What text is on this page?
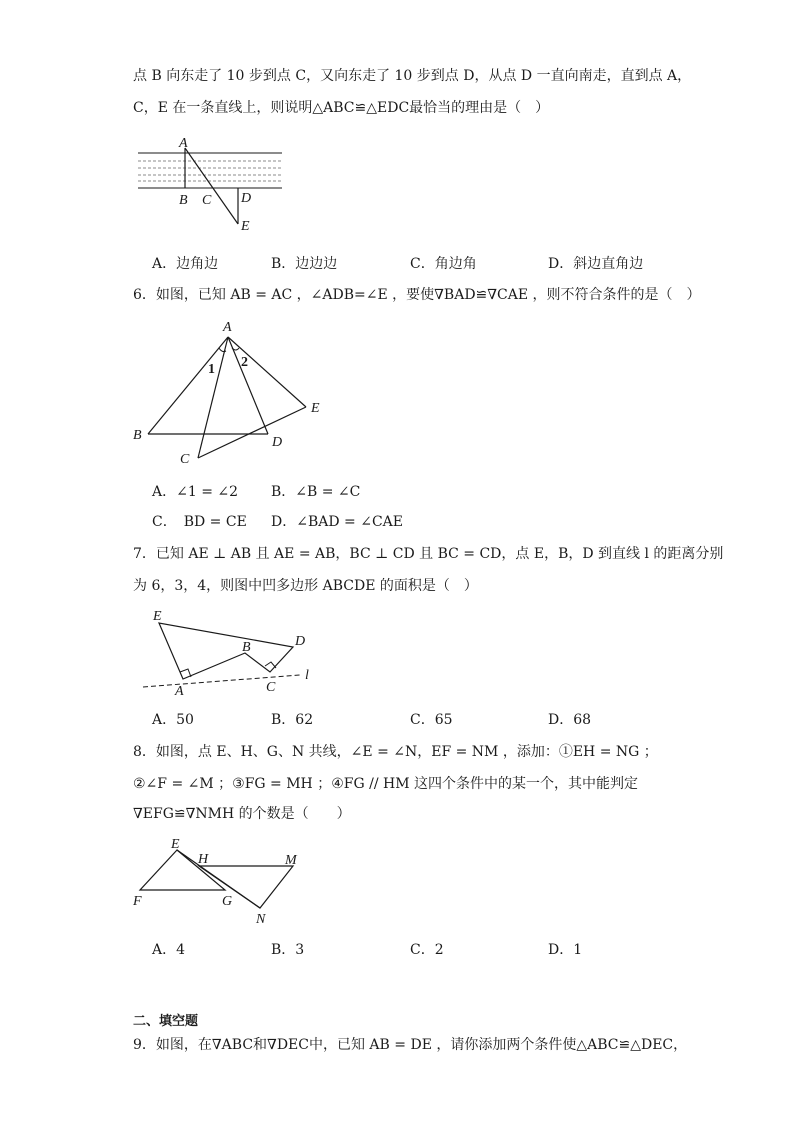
点 B 向东走了 10 步到点 C，又向东走了 10 步到点 D，从点 D 一直向南走，直到点 A，
C，E 在一条直线上，则说明△ABC≌△EDC最恰当的理由是（　）
A
B C D
E
A．边角边	B．边边边	C．角边角	D．斜边直角边
6．如图，已知 AB = AC ，∠ADB=∠E ，要使∇BAD≌∇CAE ，则不符合条件的是（　）
A
B
C
D
E
1 2
A．∠1 = ∠2 B．∠B = ∠C
C．　BD = CE D．∠BAD = ∠CAE
7．已知 AE ⊥ AB 且 AE = AB，BC ⊥ CD 且 BC = CD，点 E，B，D 到直线 l 的距离分别
为 6，3，4，则图中凹多边形 ABCDE 的面积是（　）
E
A
B
C
D
l
A．50	B．62	C．65	D．68
8．如图，点 E、H、G、N 共线，∠E = ∠N，EF = NM ，添加：①EH = NG ；
②∠F = ∠M ；③FG = MH ；④FG // HM 这四个条件中的某一个，其中能判定
∇EFG≌∇NMH 的个数是（　　）
E
H	M
F	G
N
A．4	B．3	C．2	D．1
二、填空题
9．如图，在∇ABC和∇DEC中，已知 AB = DE ，请你添加两个条件使△ABC≌△DEC，
